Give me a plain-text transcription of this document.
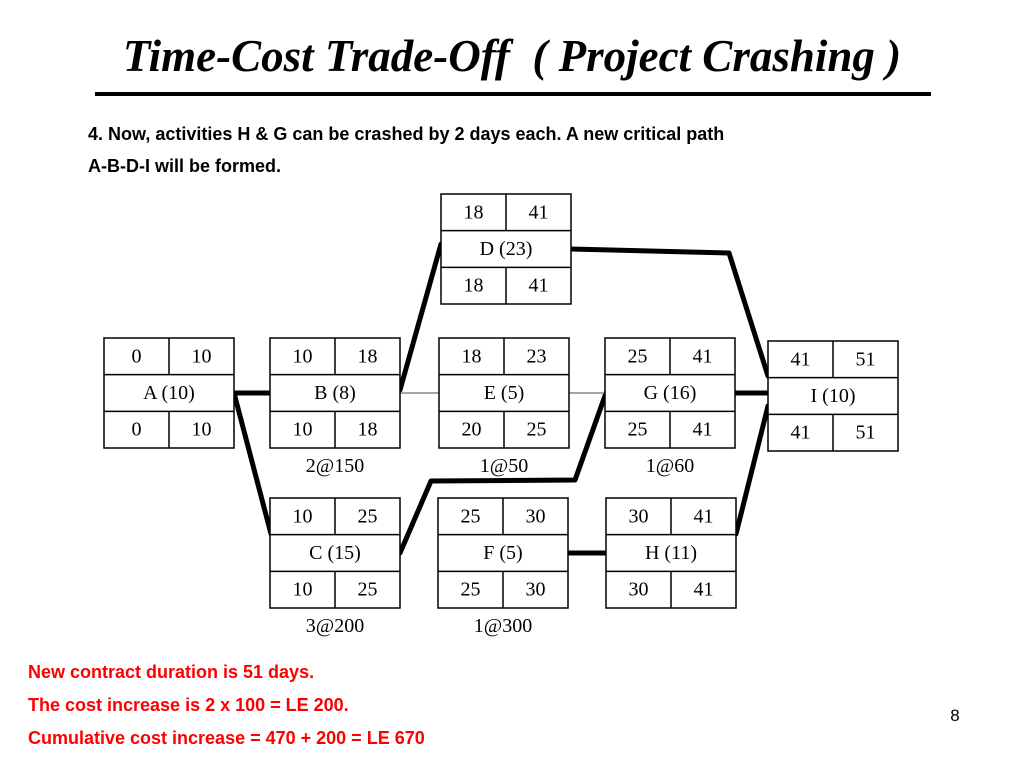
Time-Cost Trade-Off  ( Project Crashing )
4. Now, activities H & G can be crashed by 2 days each. A new critical path
A-B-D-I will be formed.
0	10
A (10)
0	10
10 18
B (8)
10 18
2@150
10 25
C (15)
10 25
3@200
18 41
D (23)
18 41
18 23
E (5)
20 25
1@50
25 30
F (5)
25 30
1@300
25 41
G (16)
25 41
1@60
30 41
H (11)
30 41
41 51
I (10)
41 51
New contract duration is 51 days.
The cost increase is 2 x 100 = LE 200.
Cumulative cost increase = 470 + 200 = LE 670
8
